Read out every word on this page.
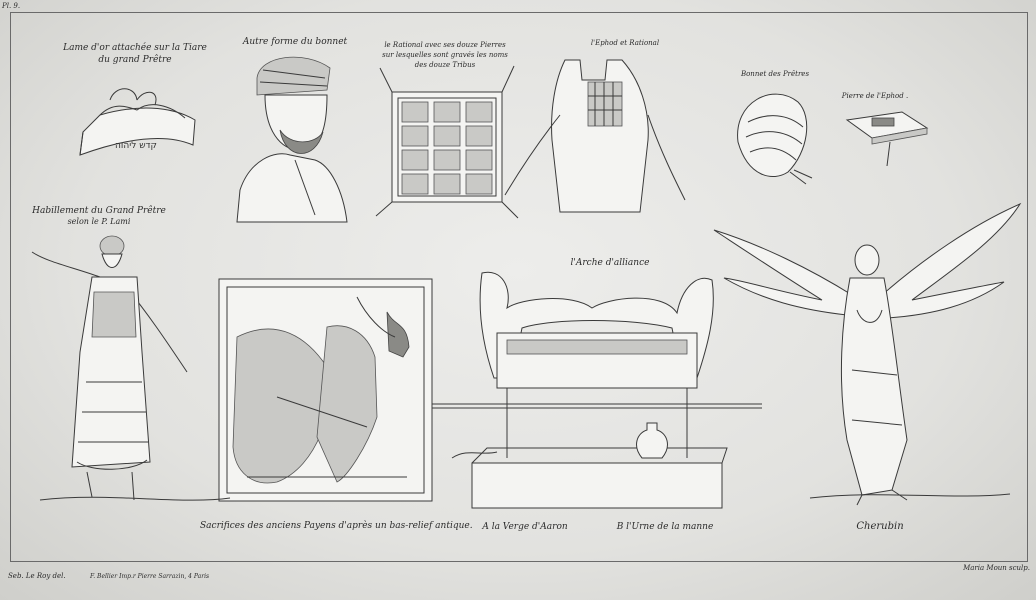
Pl. 9.
Lame d'or attachée sur la Tiare
du grand Prêtre
Autre forme du bonnet	le Rational avec ses douze Pierres
sur lesquelles sont gravés les noms
des douze Tribus
l'Ephod et Rational
Bonnet des Prêtres
Pierre de l'Ephod .
Habillement du Grand Prêtre
selon le P. Lami
l'Arche d'alliance
Sacrifices des anciens Payens d'après un bas-relief antique.	A la Verge d'Aaron	B l'Urne de la manne	Cherubin
Seb. Le Roy del.	F. Bellier Imp.r Pierre Sarrazin, 4 Paris
Maria Moun sculp.
קדש ליהוה
